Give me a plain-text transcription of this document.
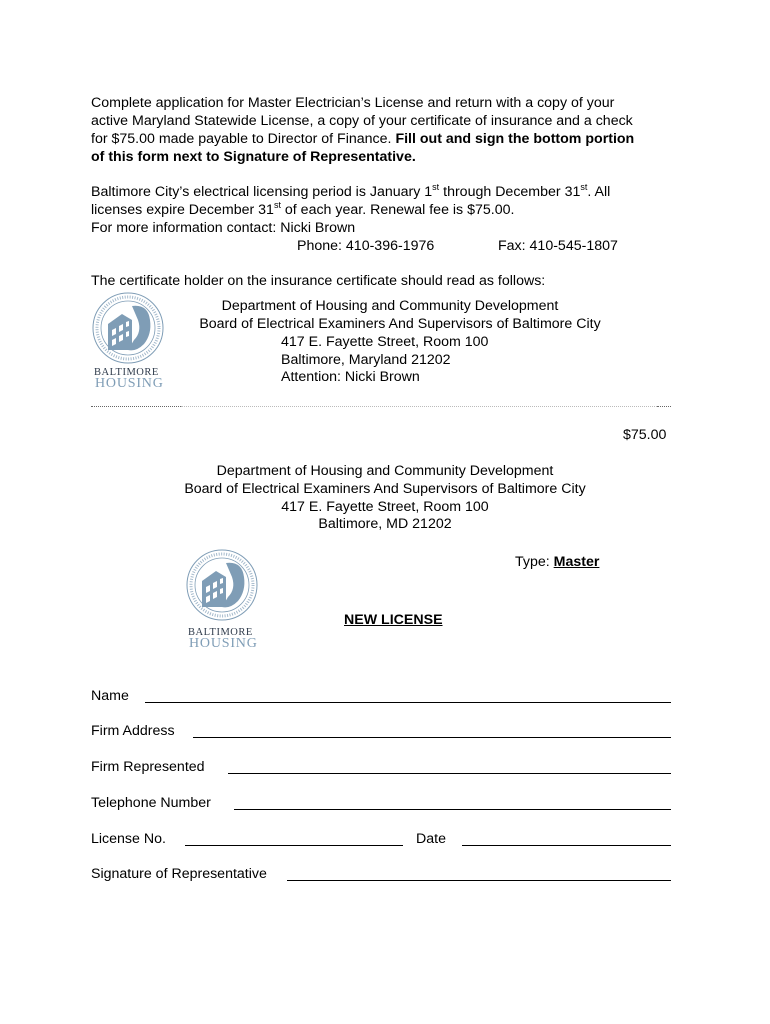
Complete application for Master Electrician’s License and return with a copy of your
active Maryland Statewide License, a copy of your certificate of insurance and a check
for $75.00 made payable to Director of Finance. Fill out and sign the bottom portion
of this form next to Signature of Representative.
Baltimore City’s electrical licensing period is January 1st through December 31st. All
licenses expire December 31st of each year. Renewal fee is $75.00.
For more information contact: Nicki Brown
Phone: 410-396-1976	Fax: 410-545-1807
The certificate holder on the insurance certificate should read as follows:
BALTIMORE
HOUSING
Department of Housing and Community Development
Board of Electrical Examiners And Supervisors of Baltimore City
417 E. Fayette Street, Room 100
Baltimore, Maryland 21202
Attention: Nicki Brown
$75.00
Department of Housing and Community Development
Board of Electrical Examiners And Supervisors of Baltimore City
417 E. Fayette Street, Room 100
Baltimore, MD 21202
Type: Master
BALTIMORE
HOUSING
NEW LICENSE
Name
Firm Address
Firm Represented
Telephone Number
License No.	Date
Signature of Representative
